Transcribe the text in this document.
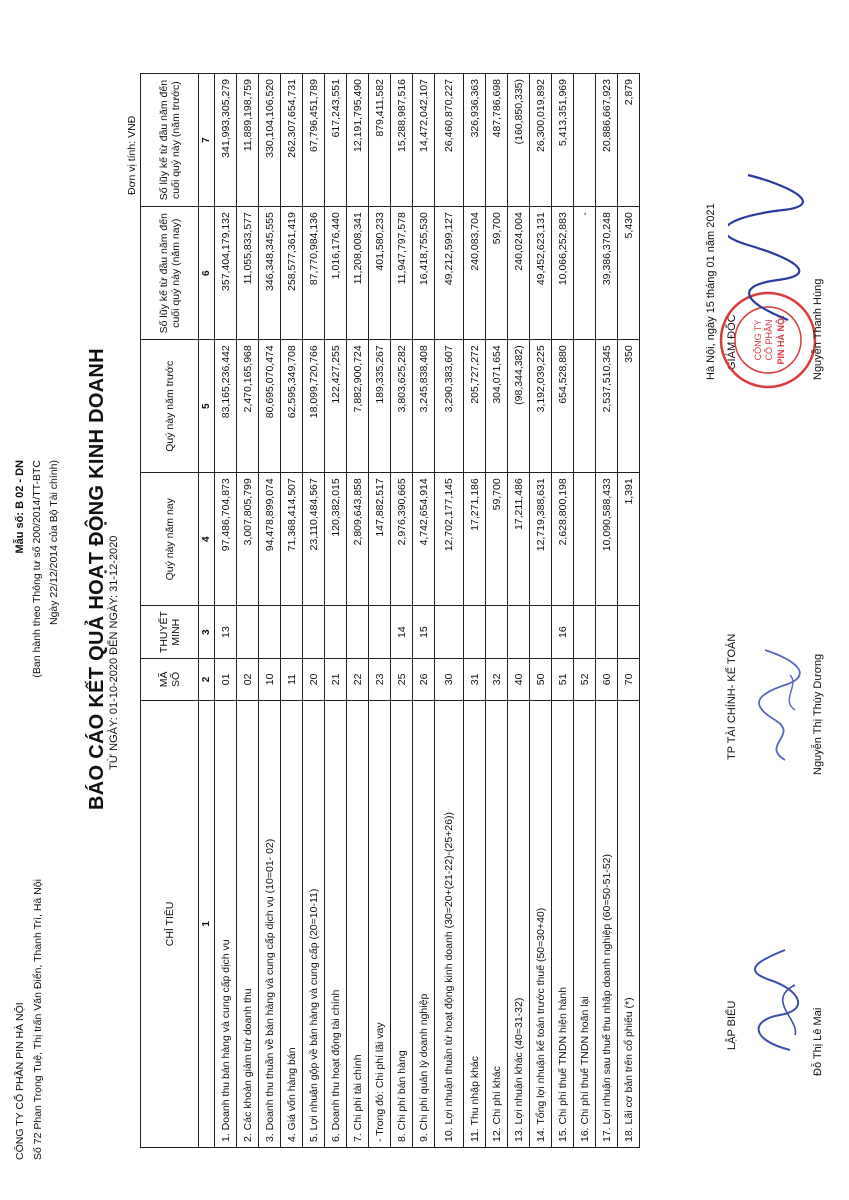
CÔNG TY CỔ PHẦN PIN HÀ NỘI Số 72 Phan Trọng Tuệ, Thị trấn Văn Điển, Thanh Trì, Hà Nội
Mẫu số: B 02 - DN (Ban hành theo Thông tư số 200/2014/TT-BTC Ngày 22/12/2014 của Bộ Tài chính) BÁO CÁO KẾT QUẢ HOẠT ĐỘNG KINH DOANH TỪ NGÀY: 01-10-2020 ĐẾN NGÀY: 31-12-2020
Đơn vị tính: VNĐ
CHỈ TIÊU	MÃ SỐ	THUYẾT MINH	Quý này năm nay	Quý này năm trước	Số lũy kế từ đầu năm đến cuối quý này (năm nay)	Số lũy kế từ đầu năm đến cuối quý này (năm trước)
1	2	3	4	5	6	7
1. Doanh thu bán hàng và cung cấp dịch vụ	01	13	97,486,704,873	83,165,236,442	357,404,179,132	341,993,305,279
2. Các khoản giảm trừ doanh thu	02		3,007,805,799	2,470,165,968	11,055,833,577	11,889,198,759
3. Doanh thu thuần về bán hàng và cung cấp dịch vụ (10=01- 02)	10		94,478,899,074	80,695,070,474	346,348,345,555	330,104,106,520
4. Giá vốn hàng bán	11		71,368,414,507	62,595,349,708	258,577,361,419	262,307,654,731
5. Lợi nhuận gộp về bán hàng và cung cấp (20=10-11)	20		23,110,484,567	18,099,720,766	87,770,984,136	67,796,451,789
6. Doanh thu hoạt động tài chính	21		120,382,015	122,427,255	1,016,176,440	617,243,551
7. Chi phí tài chính	22		2,809,643,858	7,882,900,724	11,208,008,341	12,191,795,490
- Trong đó: Chi phí lãi vay	23		147,882,517	189,335,267	401,580,233	879,411,582
8. Chi phí bán hàng	25	14	2,976,390,665	3,803,625,282	11,947,797,578	15,288,987,516
9. Chi phí quản lý doanh nghiệp	26	15	4,742,654,914	3,245,838,408	16,418,755,530	14,472,042,107
10. Lợi nhuận thuần từ hoạt động kinh doanh (30=20+(21-22)-(25+26))	30		12,702,177,145	3,290,383,607	49,212,599,127	26,460,870,227
11. Thu nhập khác	31		17,271,186	205,727,272	240,083,704	326,936,363
12. Chi phí khác	32		59,700	304,071,654	59,700	487,786,698
13. Lợi nhuận khác (40=31-32)	40		17,211,486	(98,344,382)	240,024,004	(160,850,335)
14. Tổng lợi nhuận kế toán trước thuế (50=30+40)	50		12,719,388,631	3,192,039,225	49,452,623,131	26,300,019,892
15. Chi phí thuế TNDN hiện hành	51	16	2,628,800,198	654,528,880	10,066,252,883	5,413,351,969
16. Chi phí thuế TNDN hoãn lại	52				-	
17. Lợi nhuận sau thuế thu nhập doanh nghiệp (60=50-51-52)	60		10,090,588,433	2,537,510,345	39,386,370,248	20,886,667,923
18. Lãi cơ bản trên cổ phiếu (*)	70		1,391	350	5,430	2,879
Hà Nội, ngày 15 tháng 01 năm 2021
LẬP BIỂU
TP TÀI CHÍNH- KẾ TOÁN
GIÁM ĐỐC CÔNG TY CỔ PHẦN PIN HÀ NỘI
Đỗ Thị Lê Mai
Nguyễn Thị Thùy Dương
Nguyễn Thanh Hùng
